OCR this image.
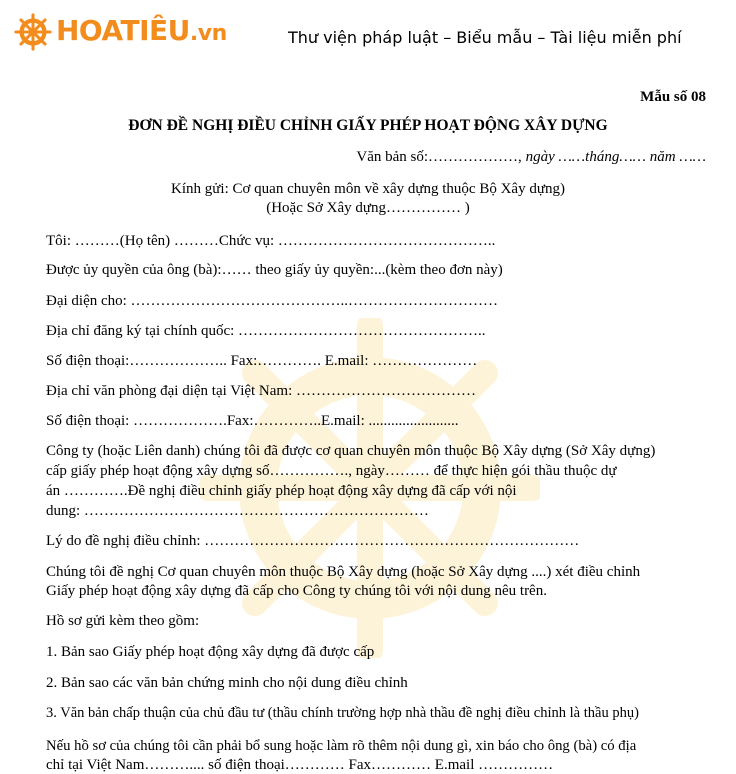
HOATIÊU.vn	Thư viện pháp luật – Biểu mẫu – Tài liệu miễn phí
Mẫu số 08
ĐƠN ĐỀ NGHỊ ĐIỀU CHỈNH GIẤY PHÉP HOẠT ĐỘNG XÂY DỰNG
Văn bản số:………………, ngày ……tháng…… năm ……
Kính gửi: Cơ quan chuyên môn về xây dựng thuộc Bộ Xây dựng)
(Hoặc Sở Xây dựng…………… )
Tôi: ………(Họ tên) ………Chức vụ: ……………………………………..
Được ủy quyền của ông (bà):…… theo giấy ủy quyền:...(kèm theo đơn này)
Đại diện cho: ……………………………………..…………………………
Địa chỉ đăng ký tại chính quốc: …………………………………………..
Số điện thoại:……………….. Fax:…………. E.mail: …………………
Địa chỉ văn phòng đại diện tại Việt Nam: ………………………………
Số điện thoại: ……………….Fax:…………..E.mail: ........................
Công ty (hoặc Liên danh) chúng tôi đã được cơ quan chuyên môn thuộc Bộ Xây dựng (Sở Xây dựng)
cấp giấy phép hoạt động xây dựng số……………., ngày……… để thực hiện gói thầu thuộc dự
án ………….Đề nghị điều chỉnh giấy phép hoạt động xây dựng đã cấp với nội
dung: ……………………………………………………………
Lý do đề nghị điều chỉnh: …………………………………………………………………
Chúng tôi đề nghị Cơ quan chuyên môn thuộc Bộ Xây dựng (hoặc Sở Xây dựng ....) xét điều chỉnh
Giấy phép hoạt động xây dựng đã cấp cho Công ty chúng tôi với nội dung nêu trên.
Hồ sơ gửi kèm theo gồm:
1. Bản sao Giấy phép hoạt động xây dựng đã được cấp
2. Bản sao các văn bản chứng minh cho nội dung điều chỉnh
3. Văn bản chấp thuận của chủ đầu tư (thầu chính trường hợp nhà thầu đề nghị điều chỉnh là thầu phụ)
Nếu hồ sơ của chúng tôi cần phải bổ sung hoặc làm rõ thêm nội dung gì, xin báo cho ông (bà) có địa
chỉ tại Việt Nam……….... số điện thoại………… Fax………… E.mail ……………
